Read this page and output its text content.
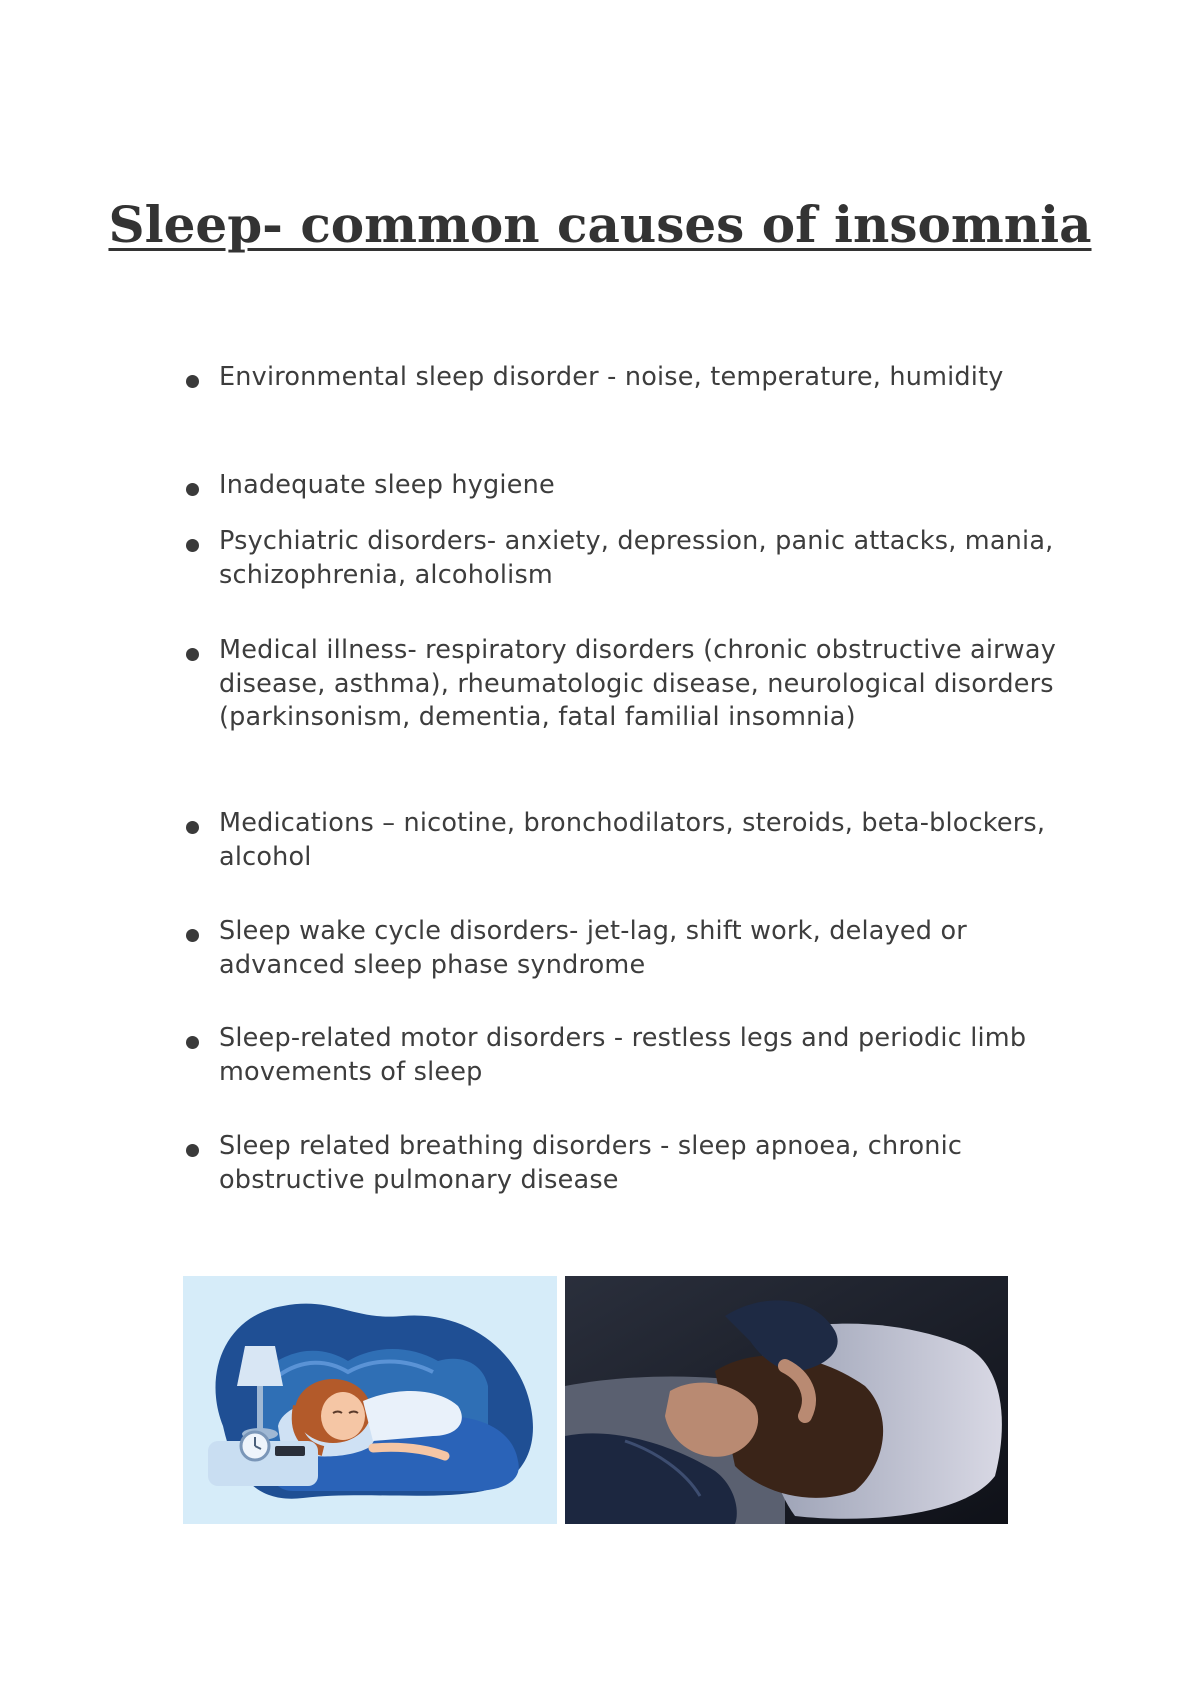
Sleep- common causes of insomnia
Environmental sleep disorder - noise, temperature, humidity
Inadequate sleep hygiene
Psychiatric disorders- anxiety, depression, panic attacks, mania, schizophrenia, alcoholism
Medical illness- respiratory disorders (chronic obstructive airway disease, asthma), rheumatologic disease, neurological disorders (parkinsonism, dementia, fatal familial insomnia)
Medications – nicotine, bronchodilators, steroids, beta-blockers, alcohol
Sleep wake cycle disorders- jet-lag, shift work, delayed or advanced sleep phase syndrome
Sleep-related motor disorders - restless legs and periodic limb movements of sleep
Sleep related breathing disorders - sleep apnoea, chronic obstructive pulmonary disease
